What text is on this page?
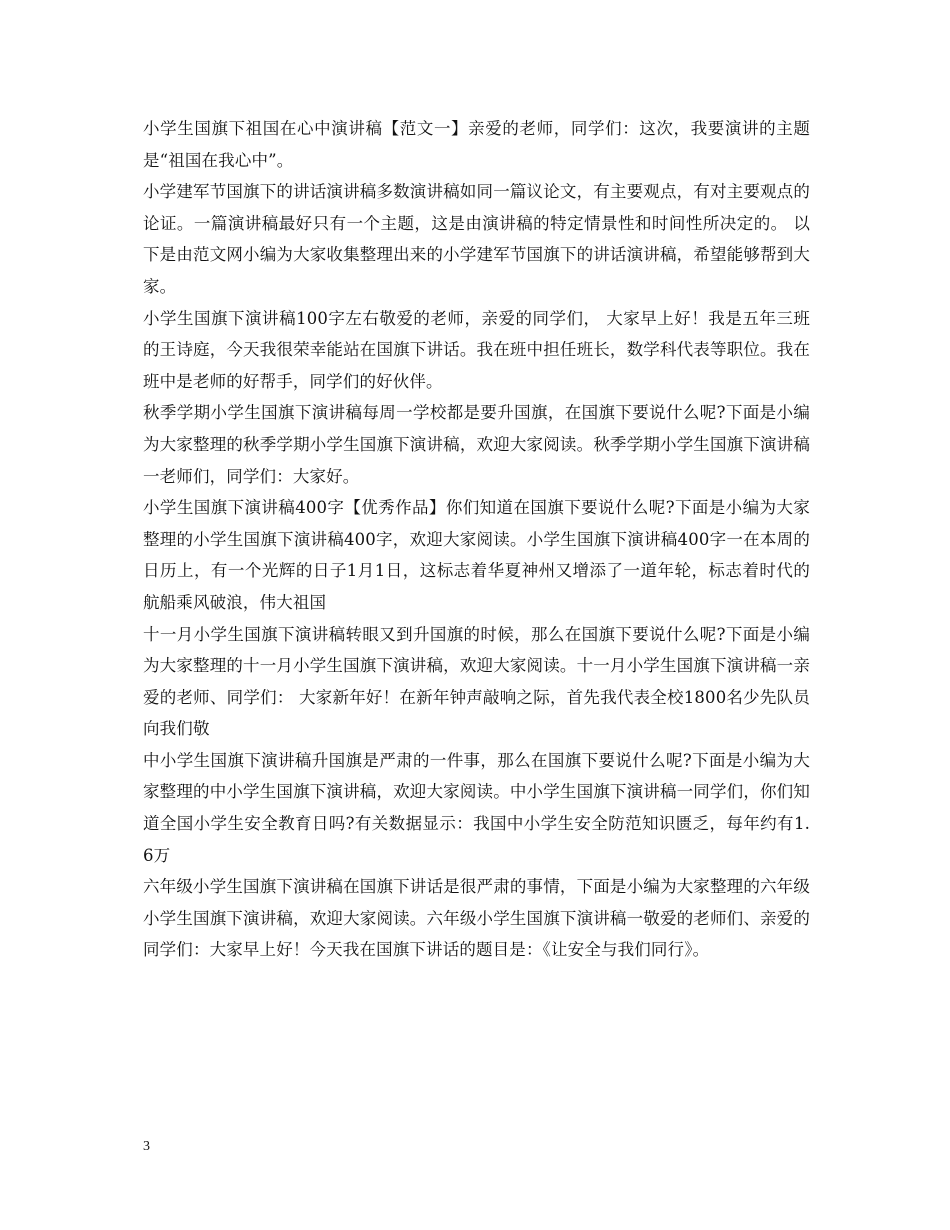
小学生国旗下祖国在心中演讲稿【范文一】亲爱的老师，同学们：这次，我要演讲的主题是“祖国在我心中”。

小学建军节国旗下的讲话演讲稿多数演讲稿如同一篇议论文，有主要观点，有对主要观点的论证。一篇演讲稿最好只有一个主题，这是由演讲稿的特定情景性和时间性所决定的。 以下是由范文网小编为大家收集整理出来的小学建军节国旗下的讲话演讲稿，希望能够帮到大家。

小学生国旗下演讲稿100字左右敬爱的老师，亲爱的同学们， 大家早上好！我是五年三班的王诗庭，今天我很荣幸能站在国旗下讲话。我在班中担任班长，数学科代表等职位。我在班中是老师的好帮手，同学们的好伙伴。

秋季学期小学生国旗下演讲稿每周一学校都是要升国旗，在国旗下要说什么呢?下面是小编为大家整理的秋季学期小学生国旗下演讲稿，欢迎大家阅读。秋季学期小学生国旗下演讲稿一老师们，同学们：大家好。

小学生国旗下演讲稿400字【优秀作品】你们知道在国旗下要说什么呢?下面是小编为大家整理的小学生国旗下演讲稿400字，欢迎大家阅读。小学生国旗下演讲稿400字一在本周的日历上，有一个光辉的日子1月1日，这标志着华夏神州又增添了一道年轮，标志着时代的航船乘风破浪，伟大祖国

十一月小学生国旗下演讲稿转眼又到升国旗的时候，那么在国旗下要说什么呢?下面是小编为大家整理的十一月小学生国旗下演讲稿，欢迎大家阅读。十一月小学生国旗下演讲稿一亲爱的老师、同学们： 大家新年好！在新年钟声敲响之际，首先我代表全校1800名少先队员向我们敬

中小学生国旗下演讲稿升国旗是严肃的一件事，那么在国旗下要说什么呢?下面是小编为大家整理的中小学生国旗下演讲稿，欢迎大家阅读。中小学生国旗下演讲稿一同学们，你们知道全国小学生安全教育日吗?有关数据显示：我国中小学生安全防范知识匮乏，每年约有1.6万

六年级小学生国旗下演讲稿在国旗下讲话是很严肃的事情，下面是小编为大家整理的六年级小学生国旗下演讲稿，欢迎大家阅读。六年级小学生国旗下演讲稿一敬爱的老师们、亲爱的同学们：大家早上好！今天我在国旗下讲话的题目是：《让安全与我们同行》。

3
